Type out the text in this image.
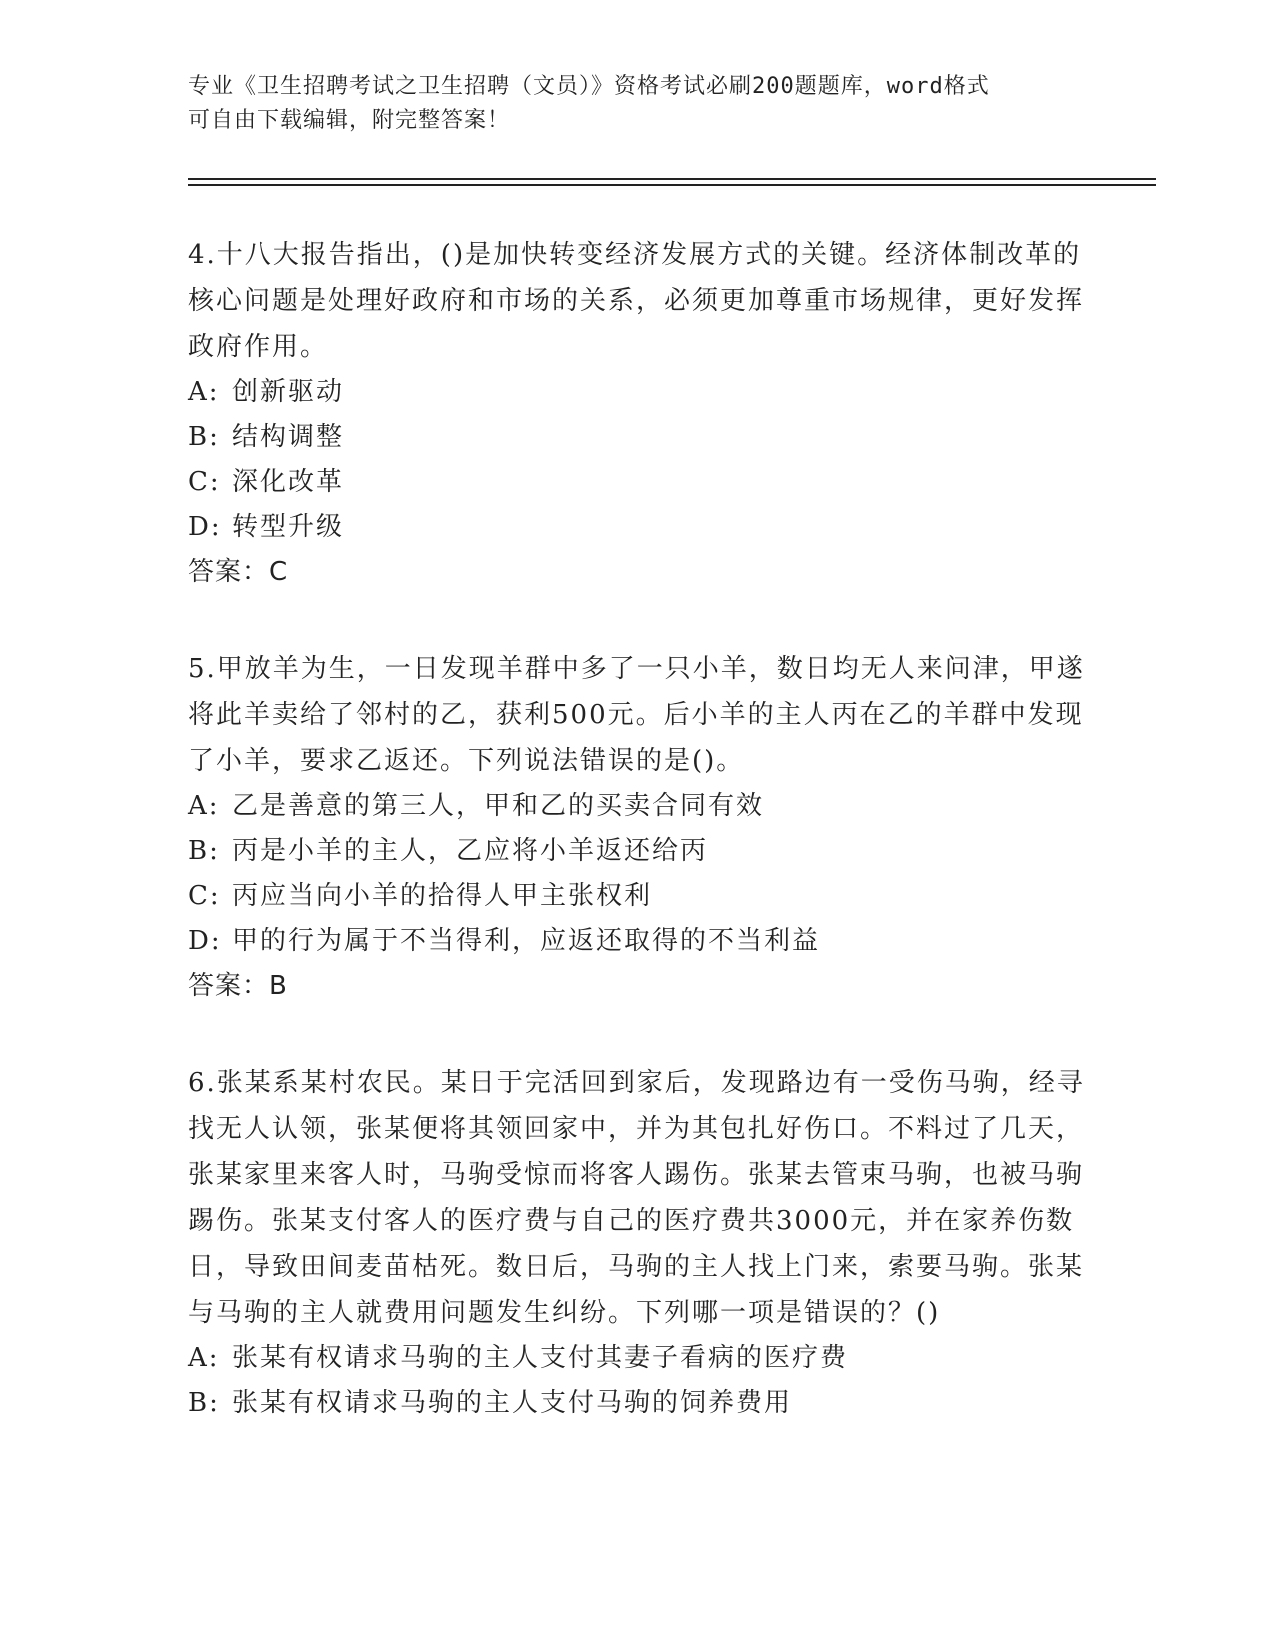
专业《卫生招聘考试之卫生招聘（文员）》资格考试必刷200题题库，word格式
可自由下载编辑，附完整答案！

4.十八大报告指出，()是加快转变经济发展方式的关键。经济体制改革的核心问题是处理好政府和市场的关系，必须更加尊重市场规律，更好发挥政府作用。

A: 创新驱动

B: 结构调整

C: 深化改革

D: 转型升级

答案：C

5.甲放羊为生，一日发现羊群中多了一只小羊，数日均无人来问津，甲遂将此羊卖给了邻村的乙，获利500元。后小羊的主人丙在乙的羊群中发现了小羊，要求乙返还。下列说法错误的是()。

A: 乙是善意的第三人，甲和乙的买卖合同有效

B: 丙是小羊的主人，乙应将小羊返还给丙

C: 丙应当向小羊的拾得人甲主张权利

D: 甲的行为属于不当得利，应返还取得的不当利益

答案：B

6.张某系某村农民。某日于完活回到家后，发现路边有一受伤马驹，经寻找无人认领，张某便将其领回家中，并为其包扎好伤口。不料过了几天，张某家里来客人时，马驹受惊而将客人踢伤。张某去管束马驹，也被马驹踢伤。张某支付客人的医疗费与自己的医疗费共3000元，并在家养伤数日，导致田间麦苗枯死。数日后，马驹的主人找上门来，索要马驹。张某与马驹的主人就费用问题发生纠纷。下列哪一项是错误的？()

A: 张某有权请求马驹的主人支付其妻子看病的医疗费

B: 张某有权请求马驹的主人支付马驹的饲养费用
